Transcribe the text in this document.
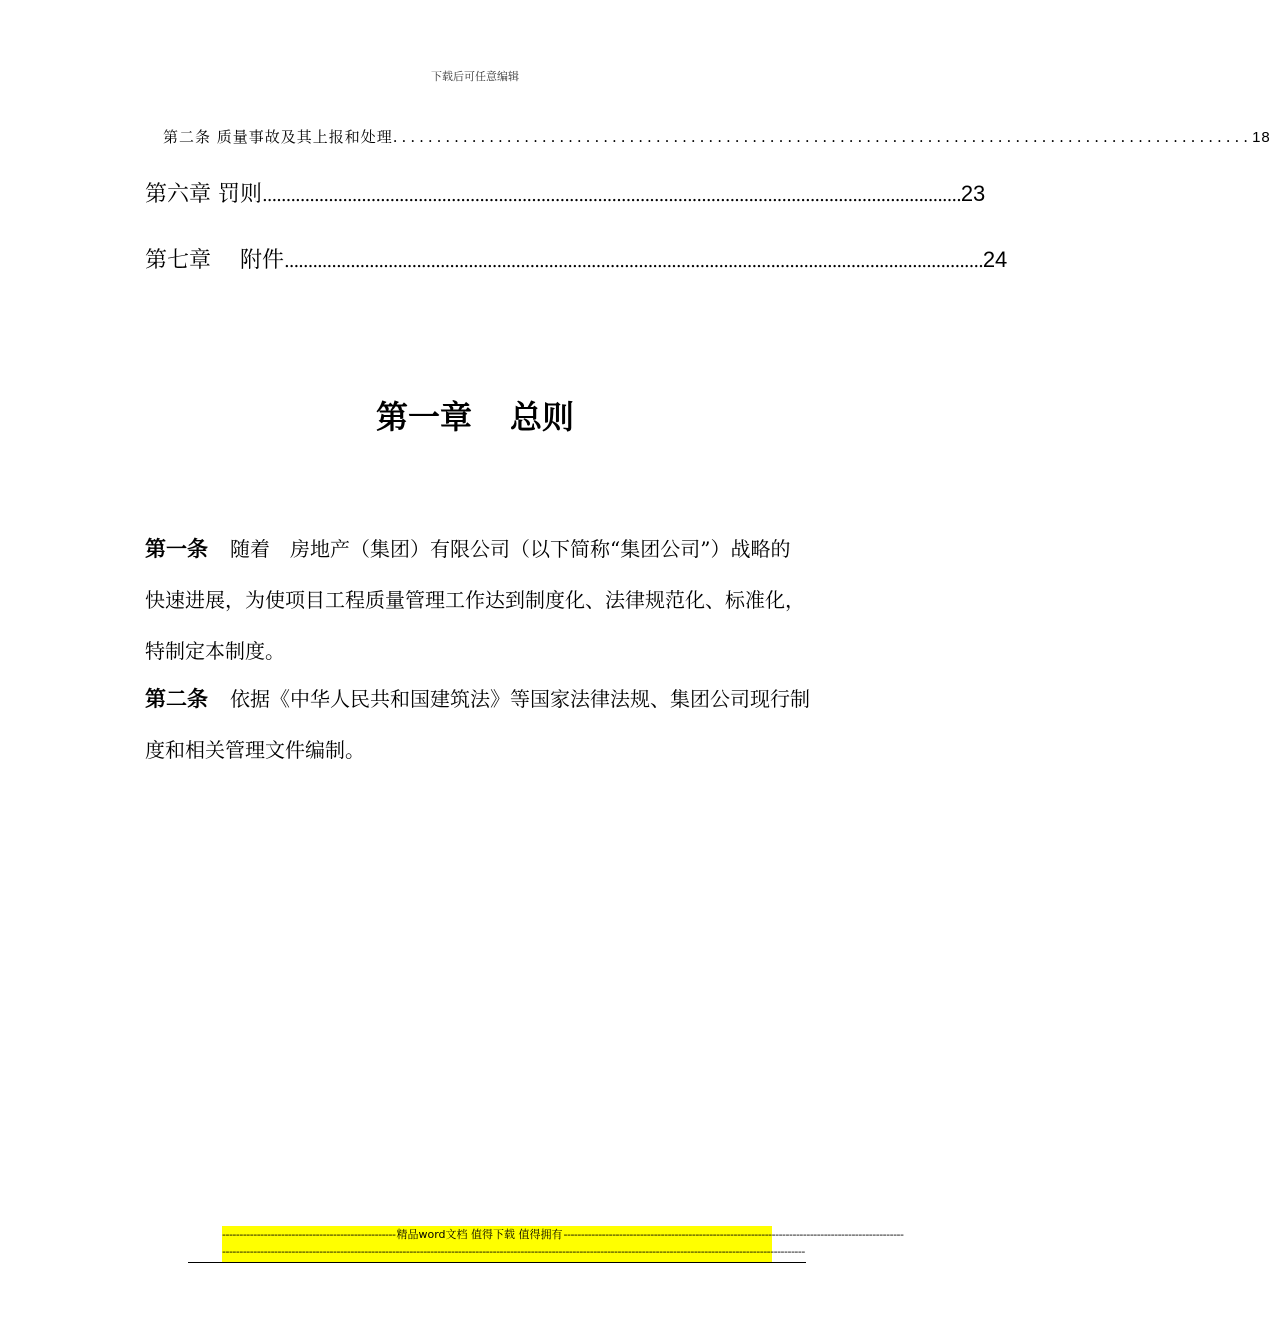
下载后可任意编辑
第二条 质量事故及其上报和处理 .................................................................................................. 18
第六章 罚则 .................................................................................................................................................... 23
第七章　 附件 .................................................................................................................................................... 24
第一章 总则
第一条 随着　房地产（集团）有限公司（以下简称“集团公司”）战略的快速进展，为使项目工程质量管理工作达到制度化、法律规范化、标准化，特制定本制度。
第二条 依据《中华人民共和国建筑法》等国家法律法规、集团公司现行制度和相关管理文件编制。
-------------------------------------------------- 精品word文档 值得下载 值得拥有 --------------------------------------------------------------------------------------------------
------------------------------------------------------------------------------------------------------------------------------------------------------------------------
